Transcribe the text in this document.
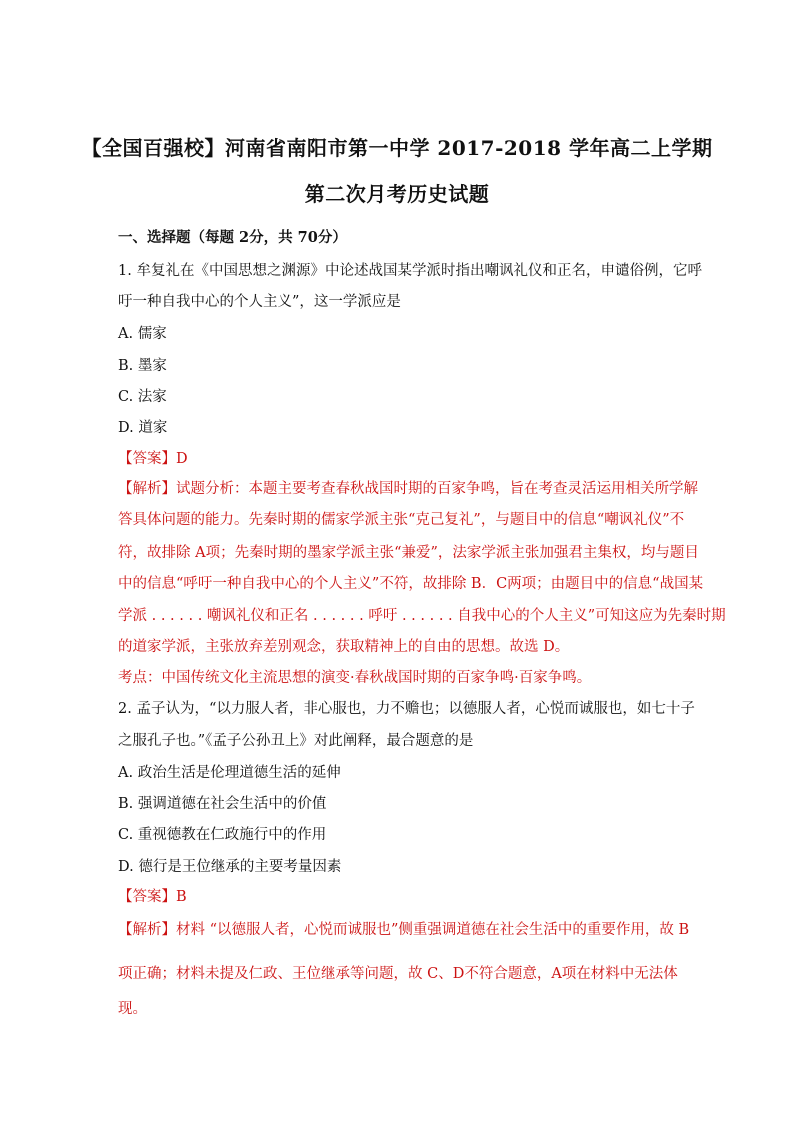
【全国百强校】河南省南阳市第一中学 2017-2018 学年高二上学期
第二次月考历史试题
一、选择题（每题 2分，共 70分）
1. 牟复礼在《中国思想之渊源》中论述战国某学派时指出嘲讽礼仪和正名，申谴俗例，它呼
吁一种自我中心的个人主义”，这一学派应是
A. 儒家
B. 墨家
C. 法家
D. 道家
【答案】D
【解析】试题分析：本题主要考查春秋战国时期的百家争鸣，旨在考查灵活运用相关所学解
答具体问题的能力。先秦时期的儒家学派主张“克己复礼”，与题目中的信息“嘲讽礼仪”不
符，故排除 A项；先秦时期的墨家学派主张“兼爱”，法家学派主张加强君主集权，均与题目
中的信息“呼吁一种自我中心的个人主义”不符，故排除 B．C两项；由题目中的信息“战国某
学派 . . . . . . 嘲讽礼仪和正名 . . . . . . 呼吁 . . . . . . 自我中心的个人主义”可知这应为先秦时期
的道家学派，主张放弃差别观念，获取精神上的自由的思想。故选 D。
考点：中国传统文化主流思想的演变·春秋战国时期的百家争鸣·百家争鸣。
2. 孟子认为，“以力服人者，非心服也，力不赡也；以德服人者，心悦而诚服也，如七十子
之服孔子也。”《孟子公孙丑上》对此阐释，最合题意的是
A. 政治生活是伦理道德生活的延伸
B. 强调道德在社会生活中的价值
C. 重视德教在仁政施行中的作用
D. 德行是王位继承的主要考量因素
【答案】B
【解析】材料 “以德服人者，心悦而诚服也”侧重强调道德在社会生活中的重要作用，故 B
项正确；材料未提及仁政、王位继承等问题，故 C、D不符合题意，A项在材料中无法体
现。
